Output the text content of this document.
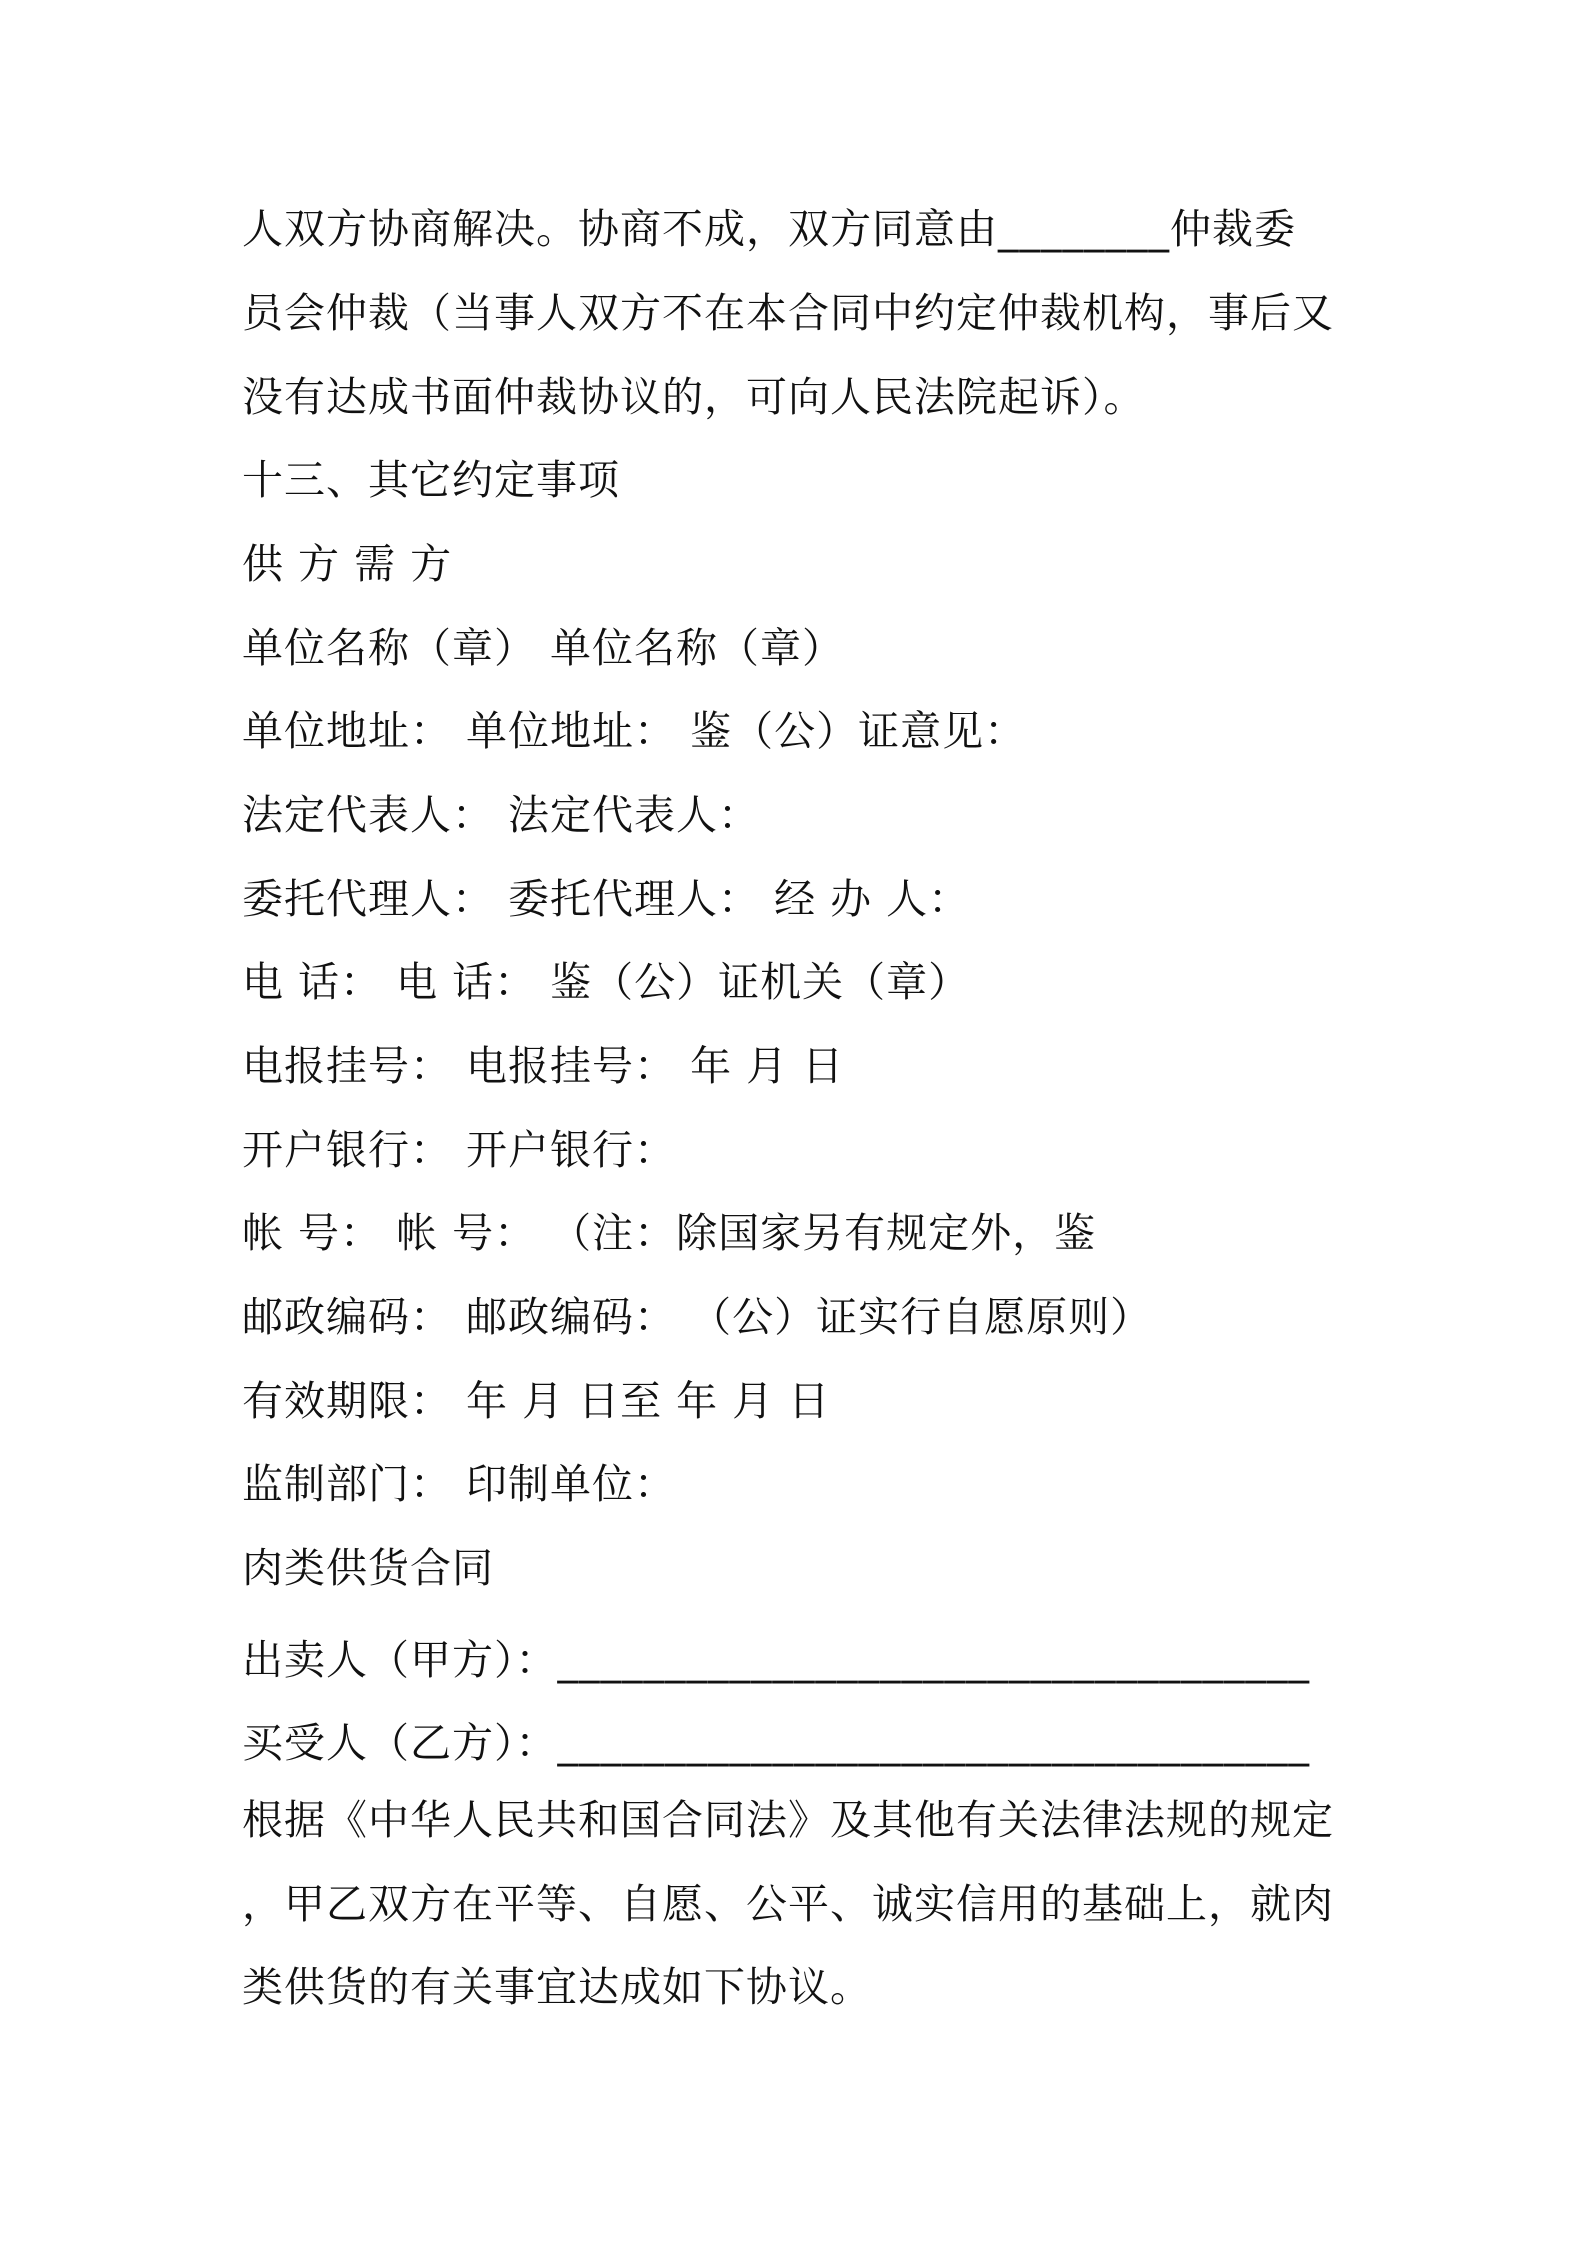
人双方协商解决。协商不成，双方同意由________仲裁委
员会仲裁（当事人双方不在本合同中约定仲裁机构，事后又
没有达成书面仲裁协议的，可向人民法院起诉）。
十三、其它约定事项
供 方 需 方
单位名称（章） 单位名称（章）
单位地址： 单位地址： 鉴（公）证意见：
法定代表人： 法定代表人：
委托代理人： 委托代理人： 经 办 人：
电 话： 电 话： 鉴（公）证机关（章）
电报挂号： 电报挂号： 年 月 日
开户银行： 开户银行：
帐 号： 帐 号： （注：除国家另有规定外，鉴
邮政编码： 邮政编码： （公）证实行自愿原则）
有效期限： 年 月 日至 年 月 日
监制部门： 印制单位：
肉类供货合同
出卖人（甲方）：___________________________________
买受人（乙方）：___________________________________
根据《中华人民共和国合同法》及其他有关法律法规的规定
，甲乙双方在平等、自愿、公平、诚实信用的基础上，就肉
类供货的有关事宜达成如下协议。
